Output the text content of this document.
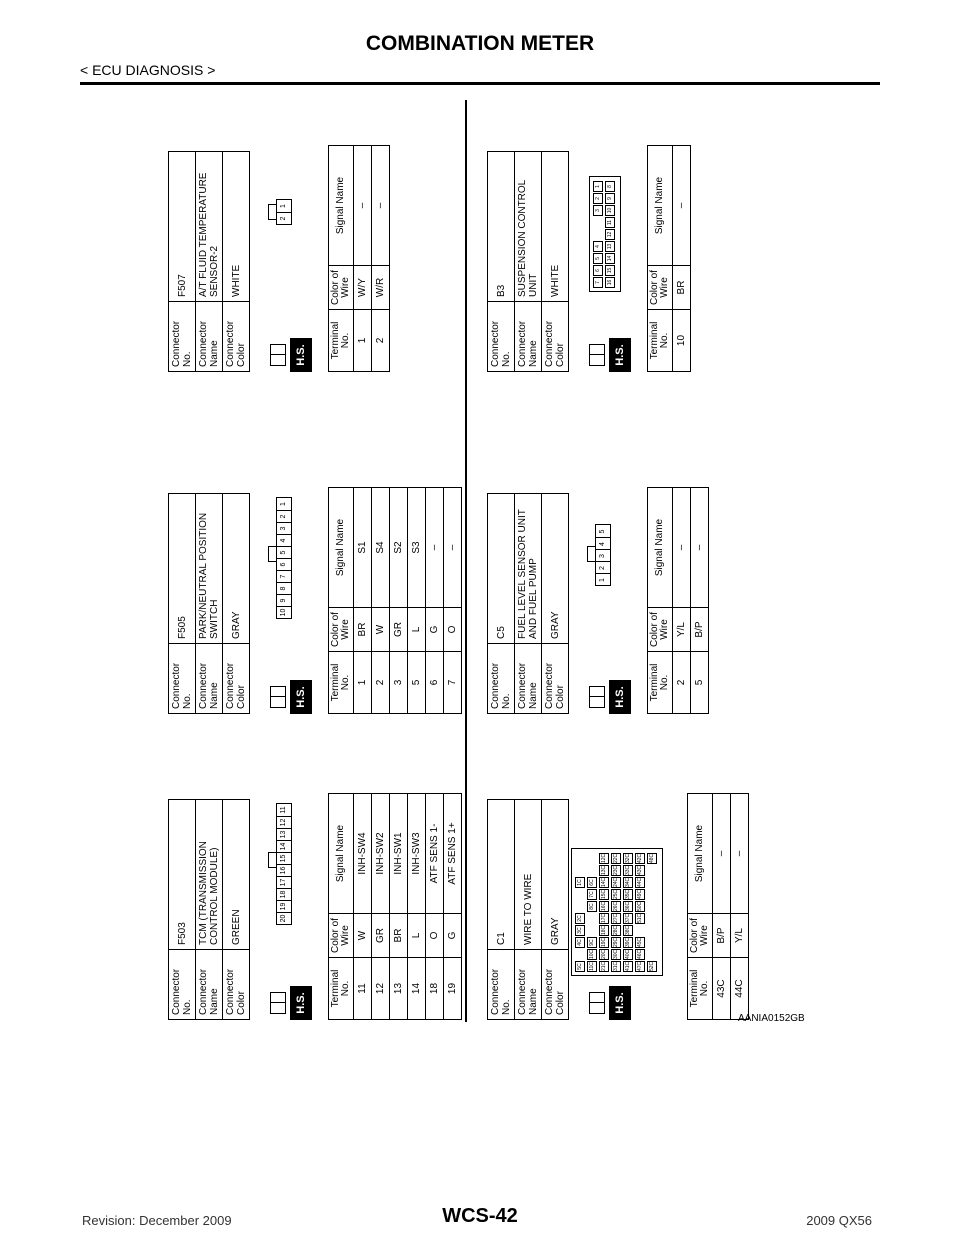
COMBINATION METER
< ECU DIAGNOSIS >
Connector No.	F503
Connector Name	TCM (TRANSMISSION CONTROL MODULE)
Connector Color	GREEN
H.S.
20
19
18
17
16
15
14
13
12
11
Terminal No.	Color of Wire	Signal Name
11	W	INH-SW4
12	GR	INH-SW2
13	BR	INH-SW1
14	L	INH-SW3
18	O	ATF SENS 1-
19	G	ATF SENS 1+
Connector No.	F505
Connector Name	PARK/NEUTRAL POSITION SWITCH
Connector Color	GRAY
H.S.
10
9
8
7
6
5
4
3
2
1
Terminal No.	Color of Wire	Signal Name
1	BR	S1
2	W	S4
3	GR	S2
5	L	S3
6	G	–
7	O	–
Connector No.	F507
Connector Name	A/T FLUID TEMPERATURE SENSOR-2
Connector Color	WHITE
H.S.
2
1
Terminal No.	Color of Wire	Signal Name
1	W/Y	–
2	W/R	–
Connector No.	C1
Connector Name	WIRE TO WIRE
Connector Color	GRAY
H.S.
5C
4C
3C
2C
1C
11C
10C
9C
8C
7C
6C
21C
20C
19C
18C
17C
16C
15C
14C
13C
12C
31C
30C
29C
28C
27C
26C
25C
24C
23C
22C
41C
40C
39C
38C
37C
36C
35C
34C
33C
32C
47C
46C
45C
51C
50C
49C
44C
43C
42C
52C
48C
Terminal No.	Color of Wire	Signal Name
43C	B/P	–
44C	Y/L	–
Connector No.	C5
Connector Name	FUEL LEVEL SENSOR UNIT AND FUEL PUMP
Connector Color	GRAY
H.S.
1
2
3
4
5
Terminal No.	Color of Wire	Signal Name
2	Y/L	–
5	B/P	–
Connector No.	B3
Connector Name	SUSPENSION CONTROL UNIT
Connector Color	WHITE
H.S.
7
6
5
4
3
2
1
16
15
14
13
12
11
10
9
8
Terminal No.	Color of Wire	Signal Name
10	BR	–
AANIA0152GB
WCS-42
Revision: December 2009	2009 QX56
